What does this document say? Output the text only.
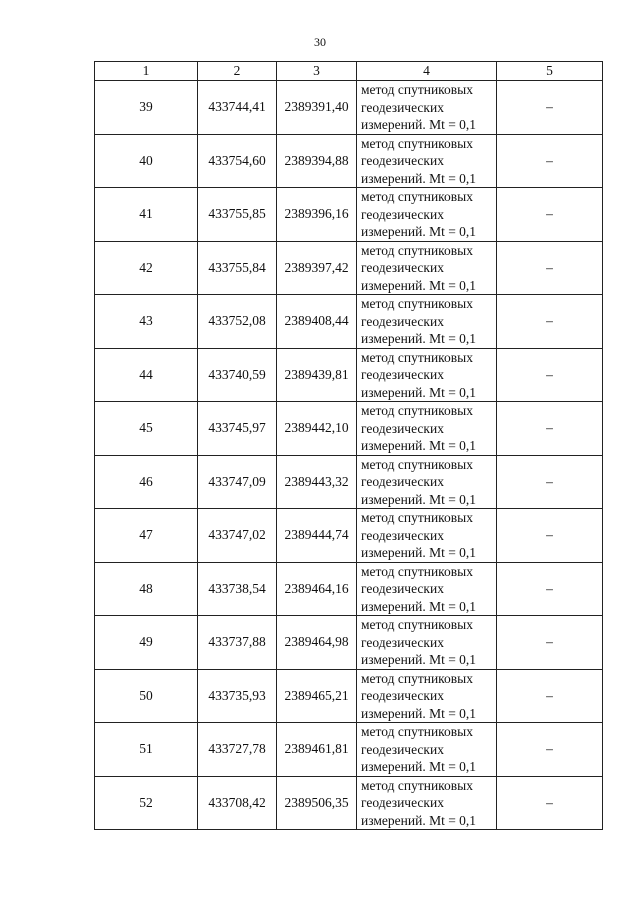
30
1	2	3	4	5
39	433744,41	2389391,40	метод спутниковых
геодезических
измерений. Mt = 0,1	–
40	433754,60	2389394,88	метод спутниковых
геодезических
измерений. Mt = 0,1	–
41	433755,85	2389396,16	метод спутниковых
геодезических
измерений. Mt = 0,1	–
42	433755,84	2389397,42	метод спутниковых
геодезических
измерений. Mt = 0,1	–
43	433752,08	2389408,44	метод спутниковых
геодезических
измерений. Mt = 0,1	–
44	433740,59	2389439,81	метод спутниковых
геодезических
измерений. Mt = 0,1	–
45	433745,97	2389442,10	метод спутниковых
геодезических
измерений. Mt = 0,1	–
46	433747,09	2389443,32	метод спутниковых
геодезических
измерений. Mt = 0,1	–
47	433747,02	2389444,74	метод спутниковых
геодезических
измерений. Mt = 0,1	–
48	433738,54	2389464,16	метод спутниковых
геодезических
измерений. Mt = 0,1	–
49	433737,88	2389464,98	метод спутниковых
геодезических
измерений. Mt = 0,1	–
50	433735,93	2389465,21	метод спутниковых
геодезических
измерений. Mt = 0,1	–
51	433727,78	2389461,81	метод спутниковых
геодезических
измерений. Mt = 0,1	–
52	433708,42	2389506,35	метод спутниковых
геодезических
измерений. Mt = 0,1	–
